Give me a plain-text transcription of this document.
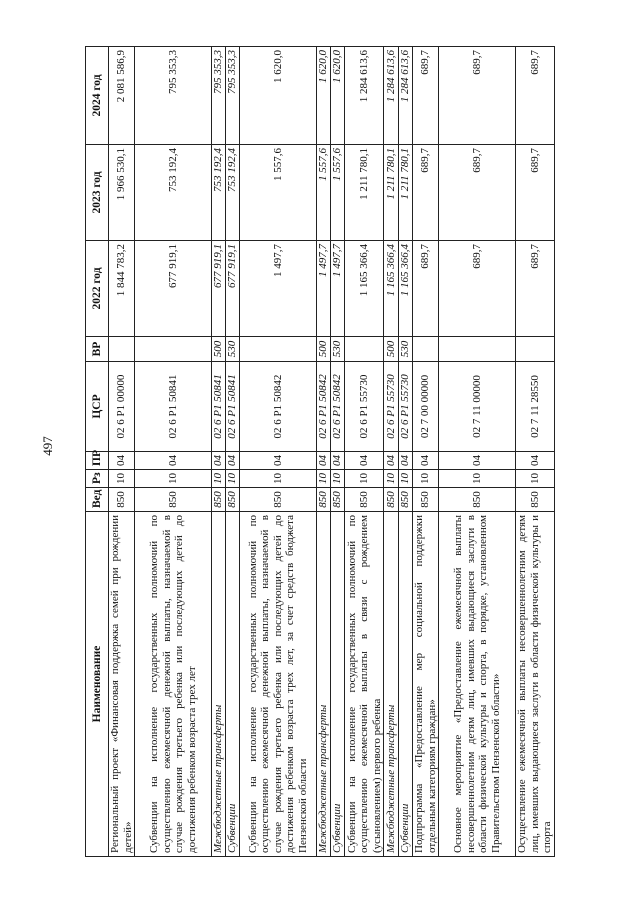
497
Наименование	Вед	Рз	ПР	ЦСР	ВР	2022 год	2023 год	2024 год
Региональный проект «Финансовая поддержка семей при рождении детей»	850	10	04	02 6 P1 00000		1 844 783,2	1 966 530,1	2 081 586,9
Субвенции на исполнение государственных полномочий по осуществлению ежемесячной денежной выплаты, назначаемой в случае рождения третьего ребенка или последующих детей до достижения ребенком возраста трех лет	850	10	04	02 6 P1 50841		677 919,1	753 192,4	795 353,3
Межбюджетные трансферты	850	10	04	02 6 P1 50841	500	677 919,1	753 192,4	795 353,3
Субвенции	850	10	04	02 6 P1 50841	530	677 919,1	753 192,4	795 353,3
Субвенции на исполнение государственных полномочий по осуществлению ежемесячной денежной выплаты, назначаемой в случае рождения третьего ребенка или последующих детей до достижения ребенком возраста трех лет, за счет средств бюджета Пензенской области	850	10	04	02 6 P1 50842		1 497,7	1 557,6	1 620,0
Межбюджетные трансферты	850	10	04	02 6 P1 50842	500	1 497,7	1 557,6	1 620,0
Субвенции	850	10	04	02 6 P1 50842	530	1 497,7	1 557,6	1 620,0
Субвенции на исполнение государственных полномочий по осуществлению ежемесячной выплаты в связи с рождением (усыновлением) первого ребенка	850	10	04	02 6 P1 55730		1 165 366,4	1 211 780,1	1 284 613,6
Межбюджетные трансферты	850	10	04	02 6 P1 55730	500	1 165 366,4	1 211 780,1	1 284 613,6
Субвенции	850	10	04	02 6 P1 55730	530	1 165 366,4	1 211 780,1	1 284 613,6
Подпрограмма «Предоставление мер социальной поддержки отдельным категориям граждан»	850	10	04	02 7 00 00000		689,7	689,7	689,7
Основное мероприятие «Предоставление ежемесячной выплаты несовершеннолетним детям лиц, имевших выдающиеся заслуги в области физической культуры и спорта, в порядке, установленном Правительством Пензенской области»	850	10	04	02 7 11 00000		689,7	689,7	689,7
Осуществление ежемесячной выплаты несовершеннолетним детям лиц, имевших выдающиеся заслуги в области физической культуры и спорта	850	10	04	02 7 11 28550		689,7	689,7	689,7
